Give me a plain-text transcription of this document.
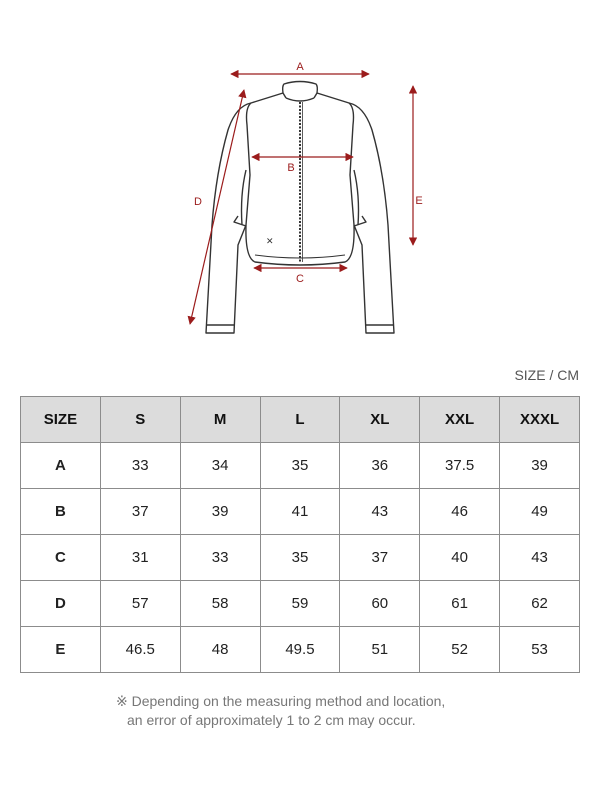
✕
A
B
C
D	E
SIZE / CM
SIZE	S	M	L	XL	XXL	XXXL
A	33	34	35	36	37.5	39
B	37	39	41	43	46	49
C	31	33	35	37	40	43
D	57	58	59	60	61	62
E	46.5	48	49.5	51	52	53
※ Depending on the measuring method and location,
an error of approximately 1 to 2 cm may occur.
